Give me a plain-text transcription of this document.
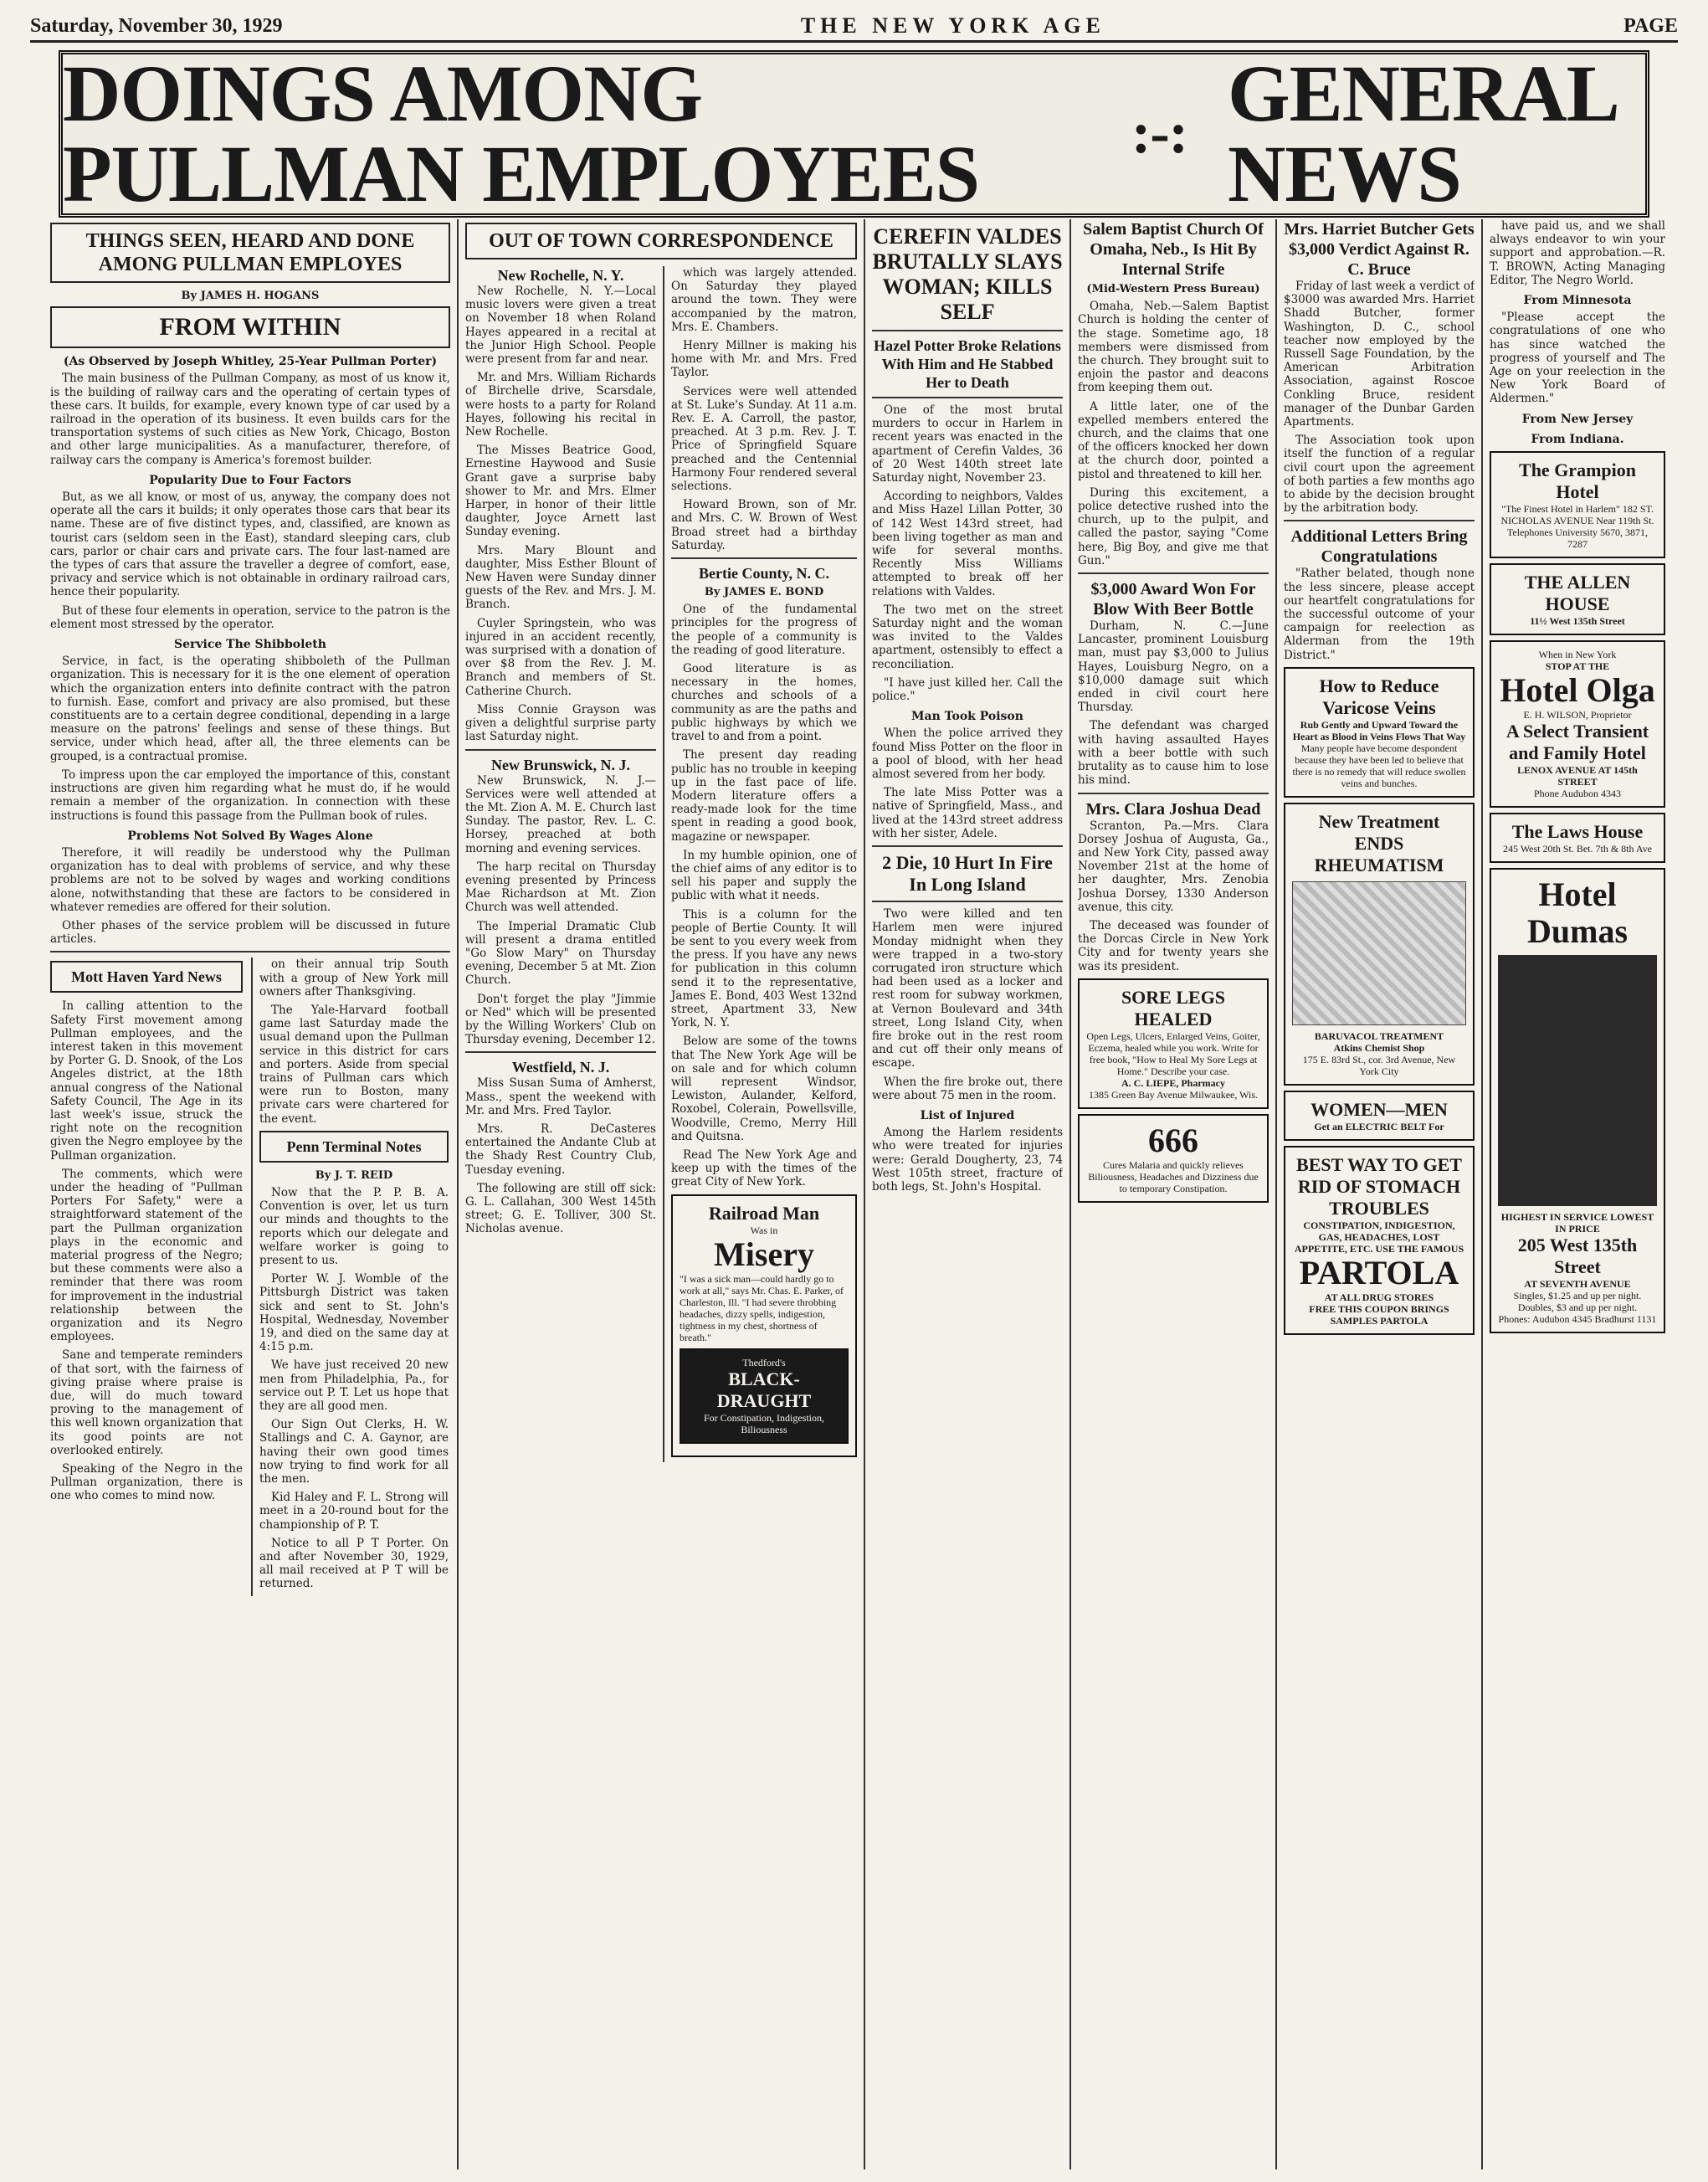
Saturday, November 30, 1929	THE NEW YORK AGE	PAGE
DOINGS AMONG PULLMAN EMPLOYEES	:-: GENERAL NEWS
THINGS SEEN, HEARD AND DONE AMONG PULLMAN EMPLOYES
By JAMES H. HOGANS
FROM WITHIN
(As Observed by Joseph Whitley, 25-Year Pullman Porter)

The main business of the Pullman Company, as most of us know it, is the building of railway cars and the operating of certain types of these cars. It builds, for example, every known type of car used by a railroad in the operation of its business. It even builds cars for the transportation systems of such cities as New York, Chicago, Boston and other large municipalities. As a manufacturer, therefore, of railway cars the company is America's foremost builder.

Popularity Due to Four Factors

But, as we all know, or most of us, anyway, the company does not operate all the cars it builds; it only operates those cars that bear its name. These are of five distinct types, and, classified, are known as tourist cars (seldom seen in the East), standard sleeping cars, club cars, parlor or chair cars and private cars. The four last-named are the types of cars that assure the traveller a degree of comfort, ease, privacy and service which is not obtainable in ordinary railroad cars, hence their popularity.

But of these four elements in operation, service to the patron is the element most stressed by the operator.

Service The Shibboleth

Service, in fact, is the operating shibboleth of the Pullman organization. This is necessary for it is the one element of operation which the organization enters into definite contract with the patron to furnish. Ease, comfort and privacy are also promised, but these constituents are to a certain degree conditional, depending in a large measure on the patrons' feelings and sense of these things. But service, under which head, after all, the three elements can be grouped, is a contractual promise.

To impress upon the car employed the importance of this, constant instructions are given him regarding what he must do, if he would remain a member of the organization. In connection with these instructions is found this passage from the Pullman book of rules.

Problems Not Solved By Wages Alone

Therefore, it will readily be understood why the Pullman organization has to deal with problems of service, and why these problems are not to be solved by wages and working conditions alone, notwithstanding that these are factors to be considered in whatever remedies are offered for their solution.

Other phases of the service problem will be discussed in future articles.

Mott Haven Yard News

In calling attention to the Safety First movement among Pullman employees, and the interest taken in this movement by Porter G. D. Snook, of the Los Angeles district, at the 18th annual congress of the National Safety Council, The Age in its last week's issue, struck the right note on the recognition given the Negro employee by the Pullman organization.

The comments, which were under the heading of "Pullman Porters For Safety," were a straightforward statement of the part the Pullman organization plays in the economic and material progress of the Negro; but these comments were also a reminder that there was room for improvement in the industrial relationship between the organization and its Negro employees.

Sane and temperate reminders of that sort, with the fairness of giving praise where praise is due, will do much toward proving to the management of this well known organization that its good points are not overlooked entirely.

Speaking of the Negro in the Pullman organization, there is one who comes to mind now.

on their annual trip South with a group of New York mill owners after Thanksgiving.

The Yale-Harvard football game last Saturday made the usual demand upon the Pullman service in this district for cars and porters. Aside from special trains of Pullman cars which were run to Boston, many private cars were chartered for the event.

Penn Terminal Notes
By J. T. REID

Now that the P. P. B. A. Convention is over, let us turn our minds and thoughts to the reports which our delegate and welfare worker is going to present to us.

Porter W. J. Womble of the Pittsburgh District was taken sick and sent to St. John's Hospital, Wednesday, November 19, and died on the same day at 4:15 p.m.

We have just received 20 new men from Philadelphia, Pa., for service out P. T. Let us hope that they are all good men.

Our Sign Out Clerks, H. W. Stallings and C. A. Gaynor, are having their own good times now trying to find work for all the men.

Kid Haley and F. L. Strong will meet in a 20-round bout for the championship of P. T.

Notice to all P T Porter. On and after November 30, 1929, all mail received at P T will be returned.

OUT OF TOWN CORRESPONDENCE
New Rochelle, N. Y.

New Rochelle, N. Y.—Local music lovers were given a treat on November 18 when Roland Hayes appeared in a recital at the Junior High School. People were present from far and near.

Mr. and Mrs. William Richards of Birchelle drive, Scarsdale, were hosts to a party for Roland Hayes, following his recital in New Rochelle.

The Misses Beatrice Good, Ernestine Haywood and Susie Grant gave a surprise baby shower to Mr. and Mrs. Elmer Harper, in honor of their little daughter, Joyce Arnett last Sunday evening.

Mrs. Mary Blount and daughter, Miss Esther Blount of New Haven were Sunday dinner guests of the Rev. and Mrs. J. M. Branch.

Cuyler Springstein, who was injured in an accident recently, was surprised with a donation of over $8 from the Rev. J. M. Branch and members of St. Catherine Church.

Miss Connie Grayson was given a delightful surprise party last Saturday night.

New Brunswick, N. J.

New Brunswick, N. J.—Services were well attended at the Mt. Zion A. M. E. Church last Sunday. The pastor, Rev. L. C. Horsey, preached at both morning and evening services.

The harp recital on Thursday evening presented by Princess Mae Richardson at Mt. Zion Church was well attended.

The Imperial Dramatic Club will present a drama entitled "Go Slow Mary" on Thursday evening, December 5 at Mt. Zion Church.

Don't forget the play "Jimmie or Ned" which will be presented by the Willing Workers' Club on Thursday evening, December 12.

Westfield, N. J.

Miss Susan Suma of Amherst, Mass., spent the weekend with Mr. and Mrs. Fred Taylor.

Mrs. R. DeCasteres entertained the Andante Club at the Shady Rest Country Club, Tuesday evening.

The following are still off sick: G. L. Callahan, 300 West 145th street; G. E. Tolliver, 300 St. Nicholas avenue.

which was largely attended. On Saturday they played around the town. They were accompanied by the matron, Mrs. E. Chambers.

Henry Millner is making his home with Mr. and Mrs. Fred Taylor.

Services were well attended at St. Luke's Sunday. At 11 a.m. Rev. E. A. Carroll, the pastor, preached. At 3 p.m. Rev. J. T. Price of Springfield Square preached and the Centennial Harmony Four rendered several selections.

Howard Brown, son of Mr. and Mrs. C. W. Brown of West Broad street had a birthday Saturday.

Bertie County, N. C.
By JAMES E. BOND

One of the fundamental principles for the progress of the people of a community is the reading of good literature.

Good literature is as necessary in the homes, churches and schools of a community as are the paths and public highways by which we travel to and from a point.

The present day reading public has no trouble in keeping up in the fast pace of life. Modern literature offers a ready-made look for the time spent in reading a good book, magazine or newspaper.

In my humble opinion, one of the chief aims of any editor is to sell his paper and supply the public with what it needs.

This is a column for the people of Bertie County. It will be sent to you every week from the press. If you have any news for publication in this column send it to the representative, James E. Bond, 403 West 132nd street, Apartment 33, New York, N. Y.

Below are some of the towns that The New York Age will be on sale and for which column will represent Windsor, Lewiston, Aulander, Kelford, Roxobel, Colerain, Powellsville, Woodville, Cremo, Merry Hill and Quitsna.

Read The New York Age and keep up with the times of the great City of New York.

Railroad Man
Was in
Misery
"I was a sick man—could hardly go to work at all," says Mr. Chas. E. Parker, of Charleston, Ill. "I had severe throbbing headaches, dizzy spells, indigestion, tightness in my chest, shortness of breath."
Thedford's
BLACK-DRAUGHT
For Constipation, Indigestion, Biliousness
CEREFIN VALDES BRUTALLY SLAYS WOMAN; KILLS SELF
Hazel Potter Broke Relations With Him and He Stabbed Her to Death

One of the most brutal murders to occur in Harlem in recent years was enacted in the apartment of Cerefin Valdes, 36 of 20 West 140th street late Saturday night, November 23.

According to neighbors, Valdes and Miss Hazel Lillan Potter, 30 of 142 West 143rd street, had been living together as man and wife for several months. Recently Miss Williams attempted to break off her relations with Valdes.

The two met on the street Saturday night and the woman was invited to the Valdes apartment, ostensibly to effect a reconciliation.

"I have just killed her. Call the police."

Man Took Poison

When the police arrived they found Miss Potter on the floor in a pool of blood, with her head almost severed from her body.

The late Miss Potter was a native of Springfield, Mass., and lived at the 143rd street address with her sister, Adele.

2 Die, 10 Hurt In Fire In Long Island

Two were killed and ten Harlem men were injured Monday midnight when they were trapped in a two-story corrugated iron structure which had been used as a locker and rest room for subway workmen, at Vernon Boulevard and 34th street, Long Island City, when fire broke out in the rest room and cut off their only means of escape.

When the fire broke out, there were about 75 men in the room.

List of Injured

Among the Harlem residents who were treated for injuries were: Gerald Dougherty, 23, 74 West 105th street, fracture of both legs, St. John's Hospital.

Salem Baptist Church Of Omaha, Neb., Is Hit By Internal Strife
(Mid-Western Press Bureau)

Omaha, Neb.—Salem Baptist Church is holding the center of the stage. Sometime ago, 18 members were dismissed from the church. They brought suit to enjoin the pastor and deacons from keeping them out.

A little later, one of the expelled members entered the church, and the claims that one of the officers knocked her down at the church door, pointed a pistol and threatened to kill her.

During this excitement, a police detective rushed into the church, up to the pulpit, and called the pastor, saying "Come here, Big Boy, and give me that Gun."

$3,000 Award Won For Blow With Beer Bottle

Durham, N. C.—June Lancaster, prominent Louisburg man, must pay $3,000 to Julius Hayes, Louisburg Negro, on a $10,000 damage suit which ended in civil court here Thursday.

The defendant was charged with having assaulted Hayes with a beer bottle with such brutality as to cause him to lose his mind.

Mrs. Clara Joshua Dead

Scranton, Pa.—Mrs. Clara Dorsey Joshua of Augusta, Ga., and New York City, passed away November 21st at the home of her daughter, Mrs. Zenobia Joshua Dorsey, 1330 Anderson avenue, this city.

The deceased was founder of the Dorcas Circle in New York City and for twenty years she was its president.

SORE LEGS HEALED
Open Legs, Ulcers, Enlarged Veins, Goiter, Eczema, healed while you work. Write for free book, "How to Heal My Sore Legs at Home." Describe your case.
A. C. LIEPE, Pharmacy
1385 Green Bay Avenue Milwaukee, Wis.
666
Cures Malaria and quickly relieves Biliousness, Headaches and Dizziness due to temporary Constipation.
Mrs. Harriet Butcher Gets $3,000 Verdict Against R. C. Bruce

Friday of last week a verdict of $3000 was awarded Mrs. Harriet Shadd Butcher, former Washington, D. C., school teacher now employed by the Russell Sage Foundation, by the American Arbitration Association, against Roscoe Conkling Bruce, resident manager of the Dunbar Garden Apartments.

The Association took upon itself the function of a regular civil court upon the agreement of both parties a few months ago to abide by the decision brought by the arbitration body.

Additional Letters Bring Congratulations

"Rather belated, though none the less sincere, please accept our heartfelt congratulations for the successful outcome of your campaign for reelection as Alderman from the 19th District."

How to Reduce Varicose Veins
Rub Gently and Upward Toward the Heart as Blood in Veins Flows That Way
Many people have become despondent because they have been led to believe that there is no remedy that will reduce swollen veins and bunches.
New Treatment ENDS RHEUMATISM
BARUVACOL TREATMENT
Atkins Chemist Shop
175 E. 83rd St., cor. 3rd Avenue, New York City
WOMEN—MEN
Get an ELECTRIC BELT For
BEST WAY TO GET RID OF STOMACH TROUBLES
CONSTIPATION, INDIGESTION, GAS, HEADACHES, LOST APPETITE, ETC. USE THE FAMOUS
PARTOLA
AT ALL DRUG STORES
FREE THIS COUPON BRINGS SAMPLES PARTOLA

have paid us, and we shall always endeavor to win your support and approbation.—R. T. BROWN, Acting Managing Editor, The Negro World.

From Minnesota

"Please accept the congratulations of one who has since watched the progress of yourself and The Age on your reelection in the New York Board of Aldermen."

From New Jersey
From Indiana.
The Grampion Hotel
"The Finest Hotel in Harlem" 182 ST. NICHOLAS AVENUE Near 119th St.
Telephones University 5670, 3871, 7287
THE ALLEN HOUSE
11½ West 135th Street
When in New York
STOP AT THE
Hotel Olga
E. H. WILSON, Proprietor
A Select Transient and Family Hotel
LENOX AVENUE AT 145th STREET
Phone Audubon 4343
The Laws House
245 West 20th St. Bet. 7th & 8th Ave
Hotel Dumas
HIGHEST IN SERVICE LOWEST IN PRICE
205 West 135th Street
AT SEVENTH AVENUE
Singles, $1.25 and up per night. Doubles, $3 and up per night.
Phones: Audubon 4345 Bradhurst 1131
